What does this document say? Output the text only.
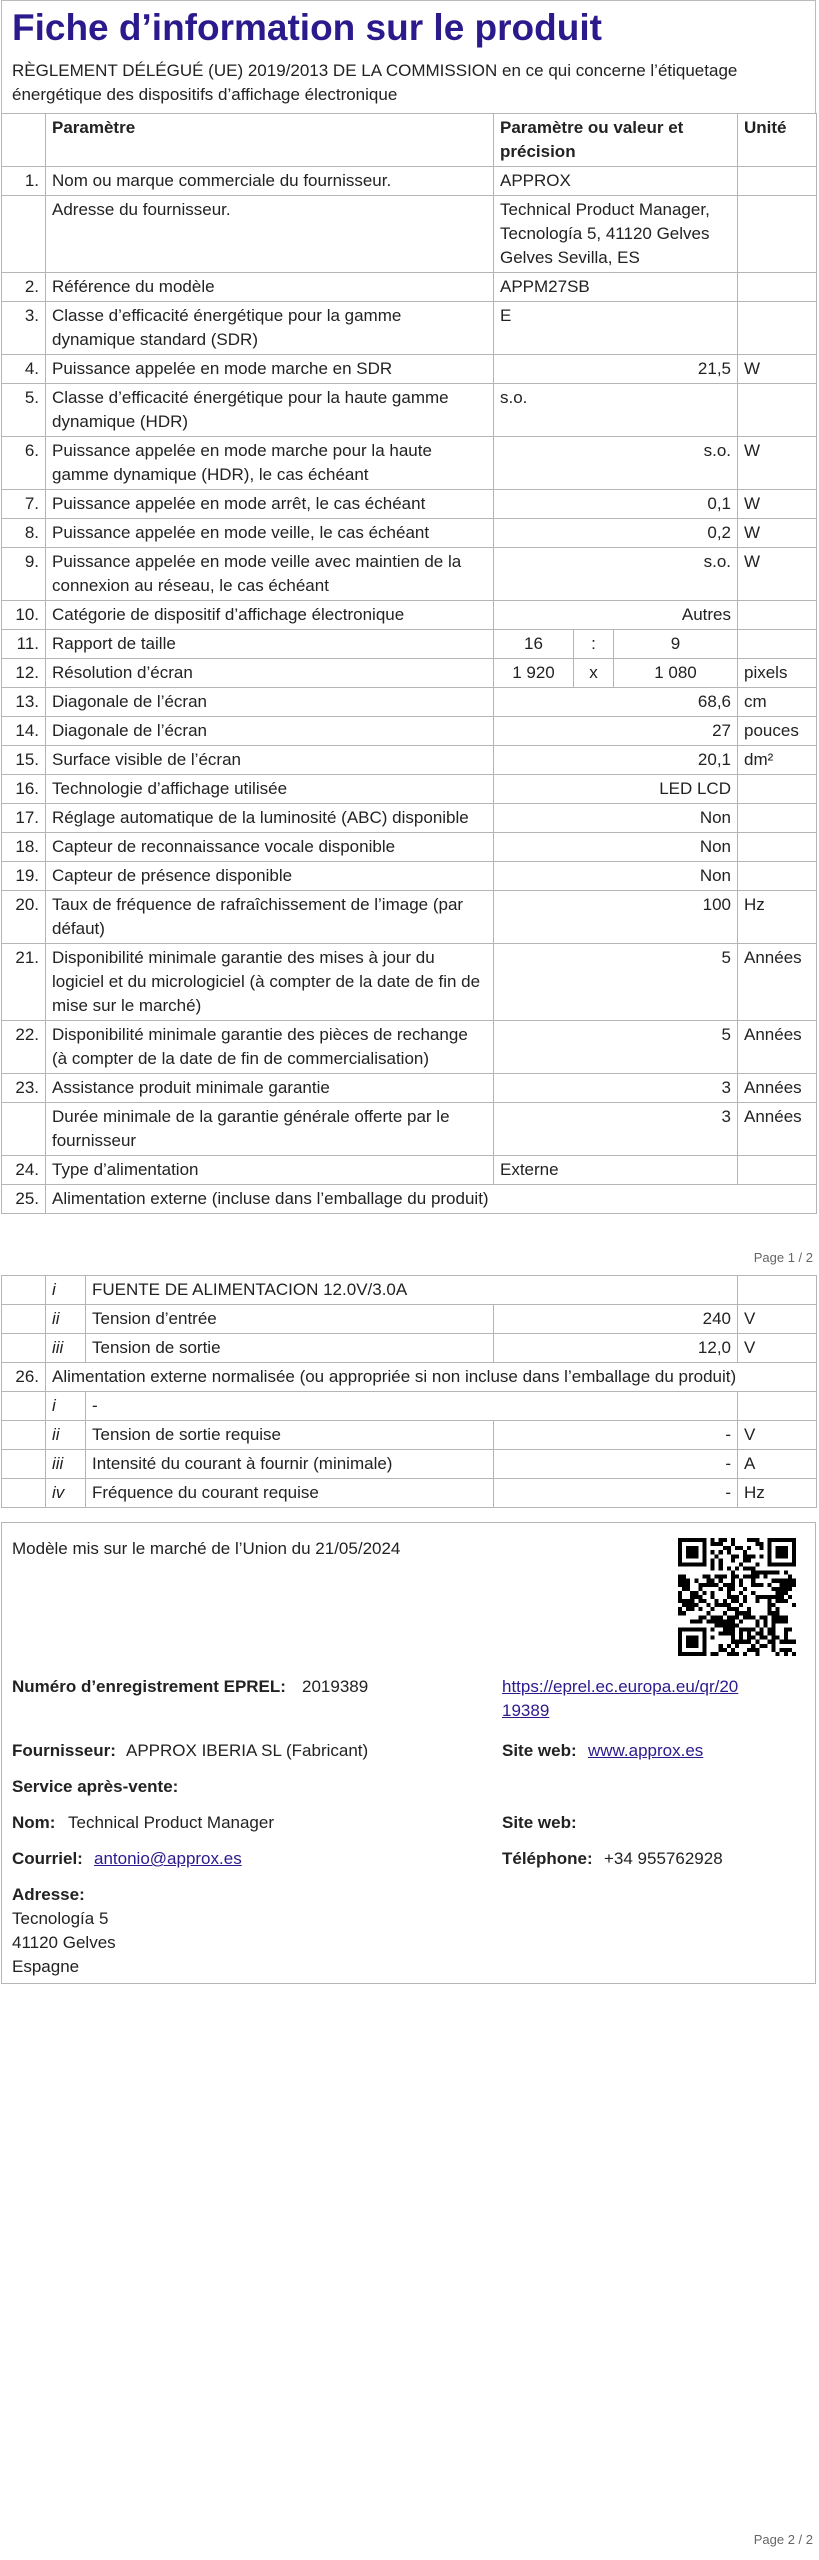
Fiche d’information sur le produit
RÈGLEMENT DÉLÉGUÉ (UE) 2019/2013 DE LA COMMISSION en ce qui concerne l’étiquetage énergétique des dispositifs d’affichage électronique
	Paramètre	Paramètre ou valeur et précision			Unité
1.	Nom ou marque commerciale du fournisseur.	APPROX			
	Adresse du fournisseur.	Technical Product Manager, Tecnología 5, 41120 Gelves Gelves Sevilla, ES			
2.	Référence du modèle	APPM27SB			
3.	Classe d’efficacité énergétique pour la gamme dynamique standard (SDR)	E			
4.	Puissance appelée en mode marche en SDR	21,5			W
5.	Classe d’efficacité énergétique pour la haute gamme dynamique (HDR)	s.o.			
6.	Puissance appelée en mode marche pour la haute gamme dynamique (HDR), le cas échéant	s.o.			W
7.	Puissance appelée en mode arrêt, le cas échéant	0,1			W
8.	Puissance appelée en mode veille, le cas échéant	0,2			W
9.	Puissance appelée en mode veille avec maintien de la connexion au réseau, le cas échéant	s.o.			W
10.	Catégorie de dispositif d’affichage électronique	Autres			
11.	Rapport de taille	16	:	9	
12.	Résolution d’écran	1 920	x	1 080	pixels
13.	Diagonale de l’écran	68,6			cm
14.	Diagonale de l’écran	27			pouces
15.	Surface visible de l’écran	20,1			dm²
16.	Technologie d’affichage utilisée	LED LCD			
17.	Réglage automatique de la luminosité (ABC) disponible	Non			
18.	Capteur de reconnaissance vocale disponible	Non			
19.	Capteur de présence disponible	Non			
20.	Taux de fréquence de rafraîchissement de l’image (par défaut)	100			Hz
21.	Disponibilité minimale garantie des mises à jour du logiciel et du micrologiciel (à compter de la date de fin de mise sur le marché)	5			Années
22.	Disponibilité minimale garantie des pièces de rechange (à compter de la date de fin de commercialisation)	5			Années
23.	Assistance produit minimale garantie	3			Années
	Durée minimale de la garantie générale offerte par le fournisseur	3			Années
24.	Type d’alimentation	Externe			
25.	Alimentation externe (incluse dans l’emballage du produit)				
Page 1 / 2
	i	FUENTE DE ALIMENTACION 12.0V/3.0A		
	ii	Tension d’entrée	240	V
	iii	Tension de sortie	12,0	V
26.	Alimentation externe normalisée (ou appropriée si non incluse dans l’emballage du produit)			
	i	-		
	ii	Tension de sortie requise	-	V
	iii	Intensité du courant à fournir (minimale)	-	A
	iv	Fréquence du courant requise	-	Hz
Modèle mis sur le marché de l’Union du 21/05/2024
Numéro d’enregistrement EPREL: 2019389	https://eprel.ec.europa.eu/qr/20
19389
Fournisseur: APPROX IBERIA SL (Fabricant)	Site web: www.approx.es
Service après-vente:
Nom: Technical Product Manager	Site web:
Courriel: antonio@approx.es	Téléphone: +34 955762928
Adresse:
Tecnología 5
41120 Gelves
Espagne
Page 2 / 2
